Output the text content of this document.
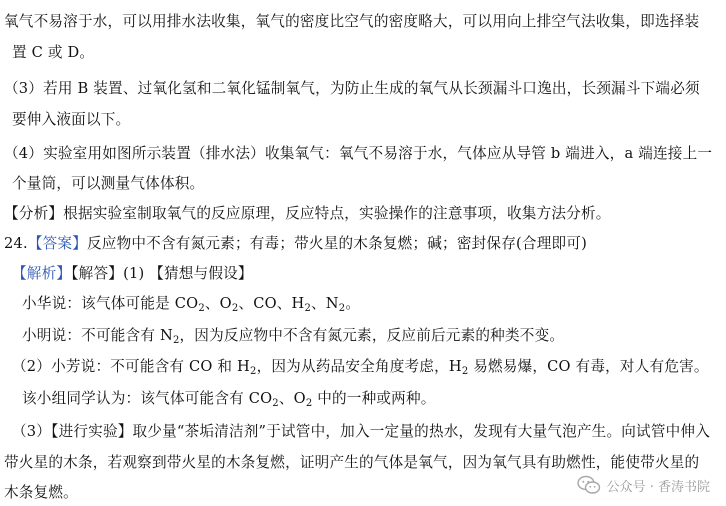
氧气不易溶于水，可以用排水法收集，氧气的密度比空气的密度略大，可以用向上排空气法收集，即选择装
置 C 或 D。
（3）若用 B 装置、过氧化氢和二氧化锰制氧气，为防止生成的氧气从长颈漏斗口逸出，长颈漏斗下端必须
要伸入液面以下。
（4）实验室用如图所示装置（排水法）收集氧气：氧气不易溶于水，气体应从导管 b 端进入，a 端连接上一
个量筒，可以测量气体体积。
【分析】根据实验室制取氧气的反应原理，反应特点，实验操作的注意事项，收集方法分析。
24.【答案】反应物中不含有氮元素；有毒；带火星的木条复燃；碱；密封保存(合理即可)
【解析】【解答】(1) 【猜想与假设】
小华说：该气体可能是 $CO_2$、$O_2$、CO、$H_2$、$N_2$。
小明说：不可能含有 $N_2$，因为反应物中不含有氮元素，反应前后元素的种类不变。
（2）小芳说：不可能含有 CO 和 $H_2$，因为从药品安全角度考虑，$H_2$ 易燃易爆，CO 有毒，对人有危害。
该小组同学认为：该气体可能含有 $CO_2$、$O_2$ 中的一种或两种。
（3）【进行实验】取少量“茶垢清洁剂”于试管中，加入一定量的热水，发现有大量气泡产生。向试管中伸入
带火星的木条，若观察到带火星的木条复燃，证明产生的气体是氧气，因为氧气具有助燃性，能使带火星的
木条复燃。	公众号 · 香涛书院
